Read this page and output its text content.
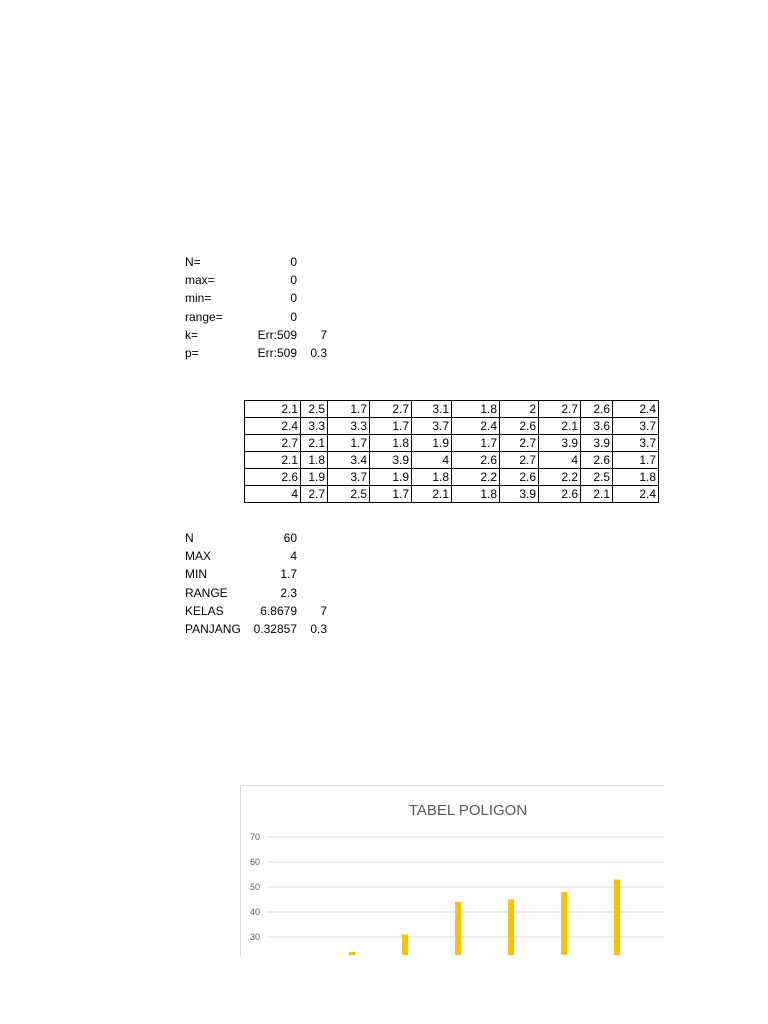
N=	0
max=	0
min=	0
range=	0
k=	Err:509 7
p=	Err:509 0.3
2.1	2.5	1.7	2.7	3.1	1.8	2	2.7	2.6	2.4
2.4	3.3	3.3	1.7	3.7	2.4	2.6	2.1	3.6	3.7
2.7	2.1	1.7	1.8	1.9	1.7	2.7	3.9	3.9	3.7
2.1	1.8	3.4	3.9	4	2.6	2.7	4	2.6	1.7
2.6	1.9	3.7	1.9	1.8	2.2	2.6	2.2	2.5	1.8
4	2.7	2.5	1.7	2.1	1.8	3.9	2.6	2.1	2.4
N	60
MAX	4
MIN	1.7
RANGE	2.3
KELAS	6.8679 7
PANJANG 0.32857 0.3
TABEL POLIGON
30
40
50
60
70
